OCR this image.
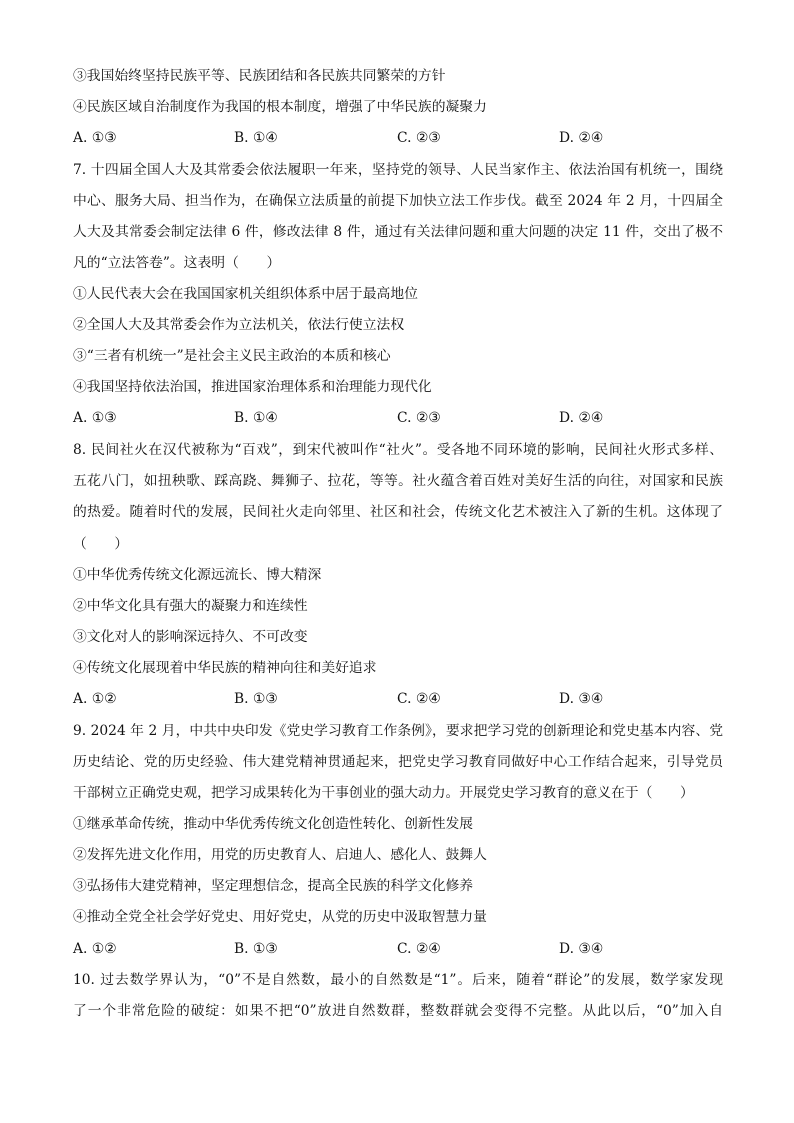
③我国始终坚持民族平等、民族团结和各民族共同繁荣的方针
④民族区域自治制度作为我国的根本制度，增强了中华民族的凝聚力
A. ①③	B. ①④	C. ②③	D. ②④
7. 十四届全国人大及其常委会依法履职一年来，坚持党的领导、人民当家作主、依法治国有机统一，围绕
中心、服务大局、担当作为，在确保立法质量的前提下加快立法工作步伐。截至 2024 年 2 月，十四届全
人大及其常委会制定法律 6 件，修改法律 8 件，通过有关法律问题和重大问题的决定 11 件，交出了极不
凡的“立法答卷”。这表明（　　）
①人民代表大会在我国国家机关组织体系中居于最高地位
②全国人大及其常委会作为立法机关，依法行使立法权
③“三者有机统一”是社会主义民主政治的本质和核心
④我国坚持依法治国，推进国家治理体系和治理能力现代化
A. ①③	B. ①④	C. ②③	D. ②④
8. 民间社火在汉代被称为“百戏”，到宋代被叫作“社火”。受各地不同环境的影响，民间社火形式多样、
五花八门，如扭秧歌、踩高跷、舞狮子、拉花，等等。社火蕴含着百姓对美好生活的向往，对国家和民族
的热爱。随着时代的发展，民间社火走向邻里、社区和社会，传统文化艺术被注入了新的生机。这体现了
（　　）
①中华优秀传统文化源远流长、博大精深
②中华文化具有强大的凝聚力和连续性
③文化对人的影响深远持久、不可改变
④传统文化展现着中华民族的精神向往和美好追求
A. ①②	B. ①③	C. ②④	D. ③④
9. 2024 年 2 月，中共中央印发《党史学习教育工作条例》，要求把学习党的创新理论和党史基本内容、党
历史结论、党的历史经验、伟大建党精神贯通起来，把党史学习教育同做好中心工作结合起来，引导党员
干部树立正确党史观，把学习成果转化为干事创业的强大动力。开展党史学习教育的意义在于（　　）
①继承革命传统，推动中华优秀传统文化创造性转化、创新性发展
②发挥先进文化作用，用党的历史教育人、启迪人、感化人、鼓舞人
③弘扬伟大建党精神，坚定理想信念，提高全民族的科学文化修养
④推动全党全社会学好党史、用好党史，从党的历史中汲取智慧力量
A. ①②	B. ①③	C. ②④	D. ③④
10. 过去数学界认为，“0”不是自然数，最小的自然数是“1”。后来，随着“群论”的发展，数学家发现
了一个非常危险的破绽：如果不把“0”放进自然数群，整数群就会变得不完整。从此以后，“0”加入自
